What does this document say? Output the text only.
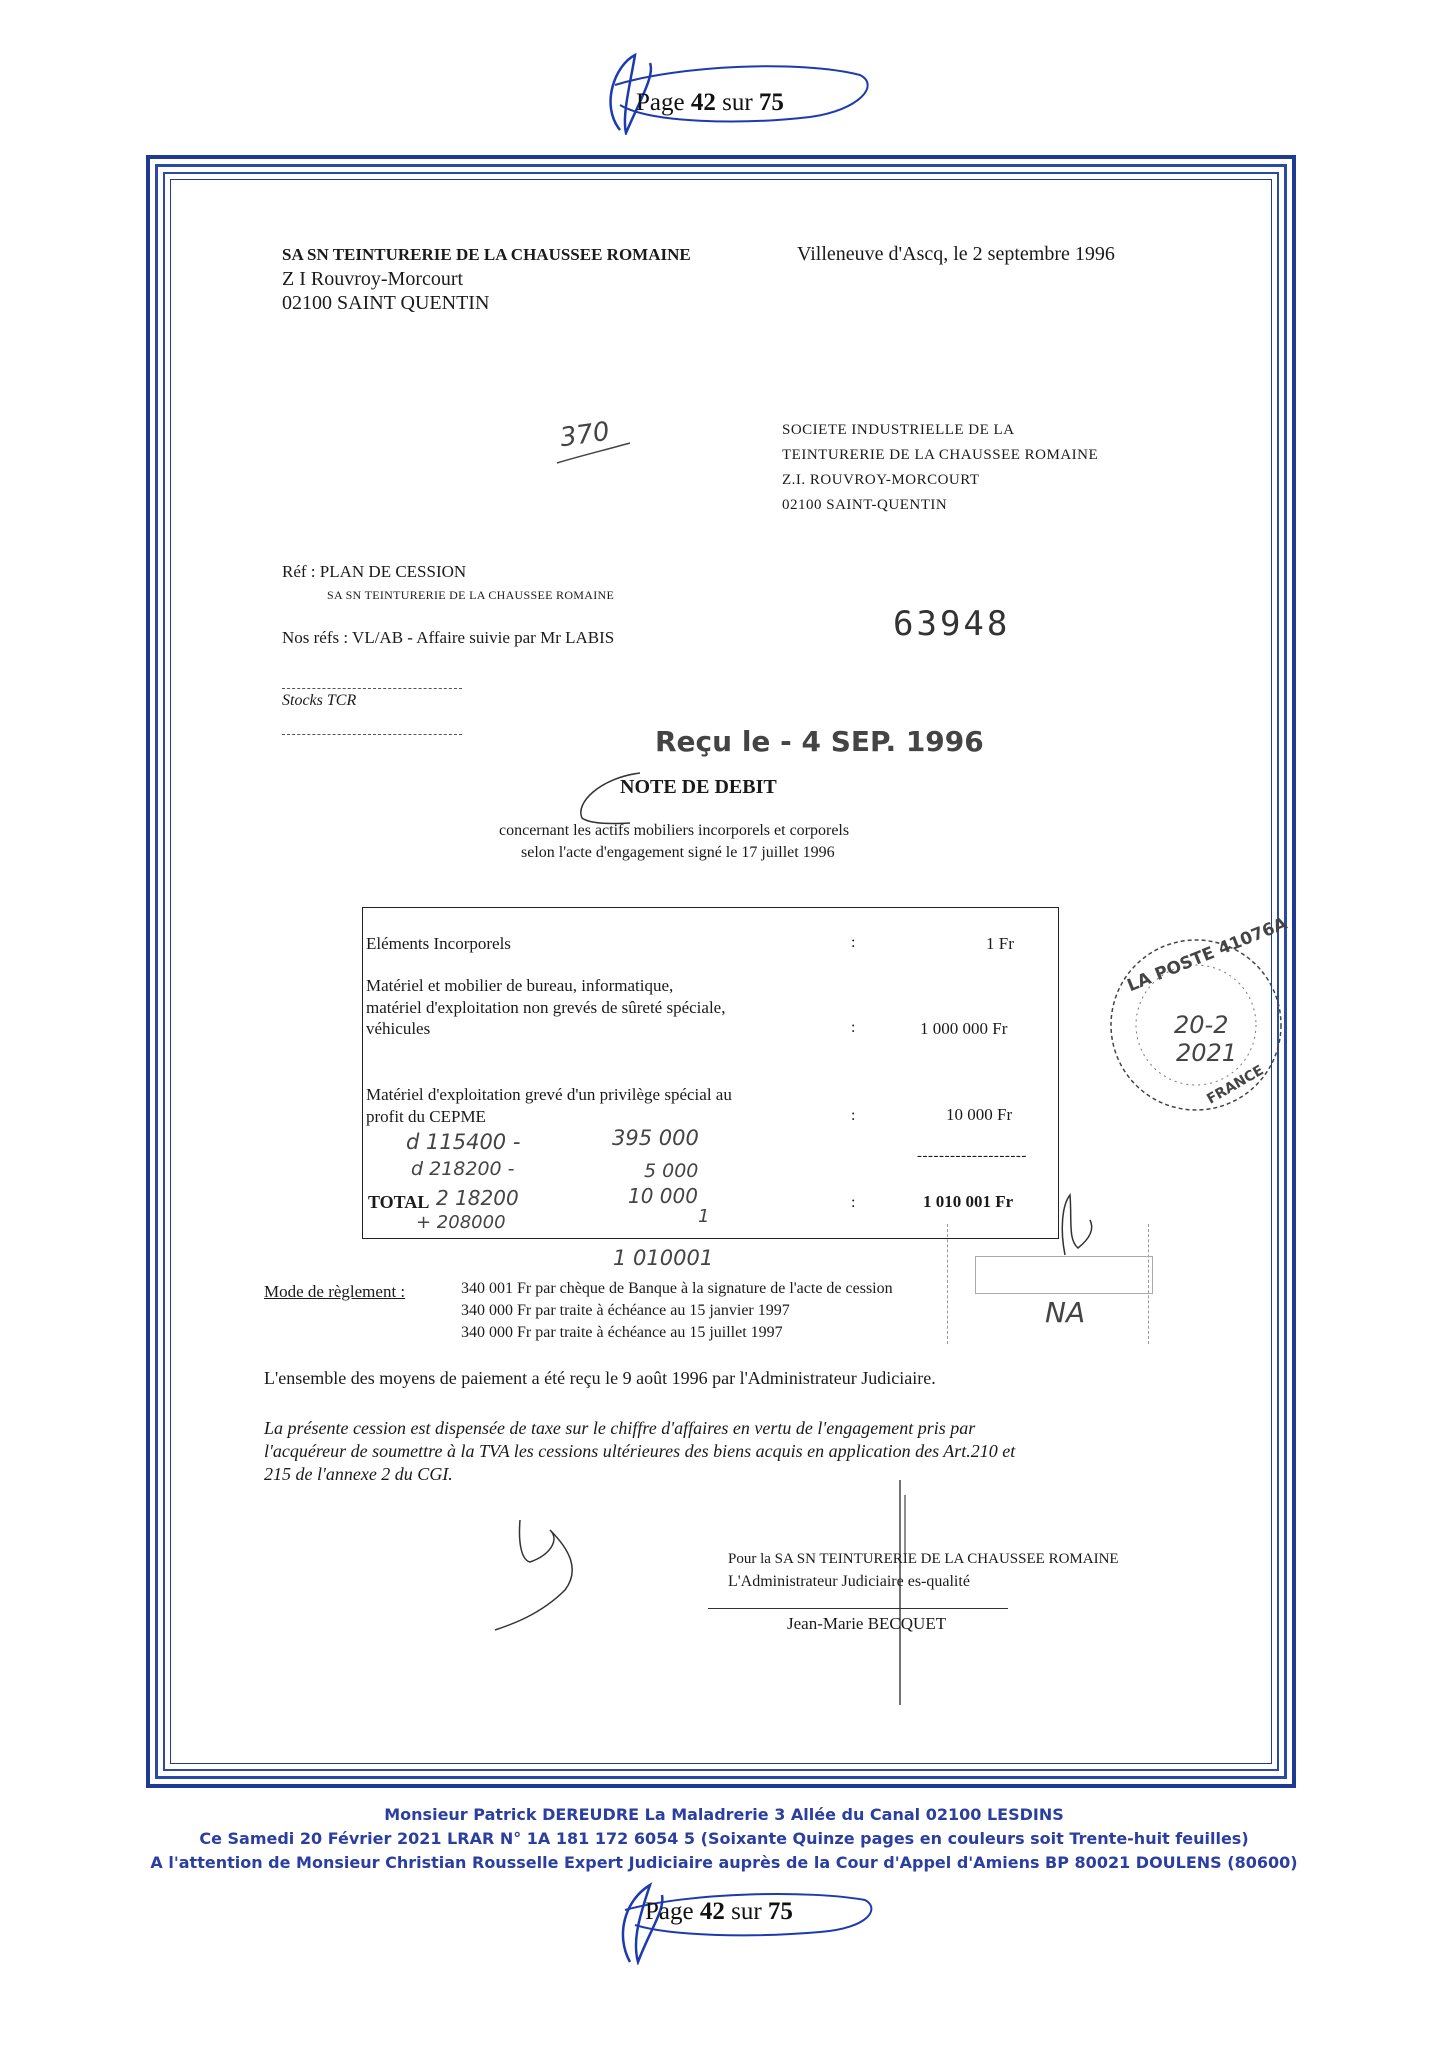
Page 42 sur 75
SA SN TEINTURERIE DE LA CHAUSSEE ROMAINE
Z I Rouvroy-Morcourt
02100 SAINT QUENTIN
Villeneuve d'Ascq, le 2 septembre 1996
370	SOCIETE INDUSTRIELLE DE LA
TEINTURERIE DE LA CHAUSSEE ROMAINE
Z.I. ROUVROY-MORCOURT
02100 SAINT-QUENTIN
Réf : PLAN DE CESSION
SA SN TEINTURERIE DE LA CHAUSSEE ROMAINE
Nos réfs : VL/AB - Affaire suivie par Mr LABIS	63948
Stocks TCR
Reçu le - 4 SEP. 1996
NOTE DE DEBIT
concernant les actifs mobiliers incorporels et corporels
selon l'acte d'engagement signé le 17 juillet 1996
Eléments Incorporels	:	1 Fr
Matériel et mobilier de bureau, informatique,
matériel d'exploitation non grevés de sûreté spéciale,
véhicules	:	1 000 000 Fr
Matériel d'exploitation grevé d'un privilège spécial au
profit du CEPME	:	10 000 Fr
d 115400 -	395 000
d 218200 -	5 000
--------------------
TOTAL 2 18200	10 000	:	1 010 001 Fr
+ 208000	1
1 010001
NA
LA POSTE 41076A
20-2
2021
FRANCE
Mode de règlement :	340 001 Fr par chèque de Banque à la signature de l'acte de cession
340 000 Fr par traite à échéance au 15 janvier 1997
340 000 Fr par traite à échéance au 15 juillet 1997
L'ensemble des moyens de paiement a été reçu le 9 août 1996 par l'Administrateur Judiciaire.
La présente cession est dispensée de taxe sur le chiffre d'affaires en vertu de l'engagement pris par
l'acquéreur de soumettre à la TVA les cessions ultérieures des biens acquis en application des Art.210 et
215 de l'annexe 2 du CGI.
Pour la SA SN TEINTURERIE DE LA CHAUSSEE ROMAINE
L'Administrateur Judiciaire es-qualité
Jean-Marie BECQUET
Monsieur Patrick DEREUDRE La Maladrerie 3 Allée du Canal 02100 LESDINS
Ce Samedi 20 Février 2021 LRAR N° 1A 181 172 6054 5 (Soixante Quinze pages en couleurs soit Trente-huit feuilles)
A l'attention de Monsieur Christian Rousselle Expert Judiciaire auprès de la Cour d'Appel d'Amiens BP 80021 DOULENS (80600)
Page 42 sur 75
